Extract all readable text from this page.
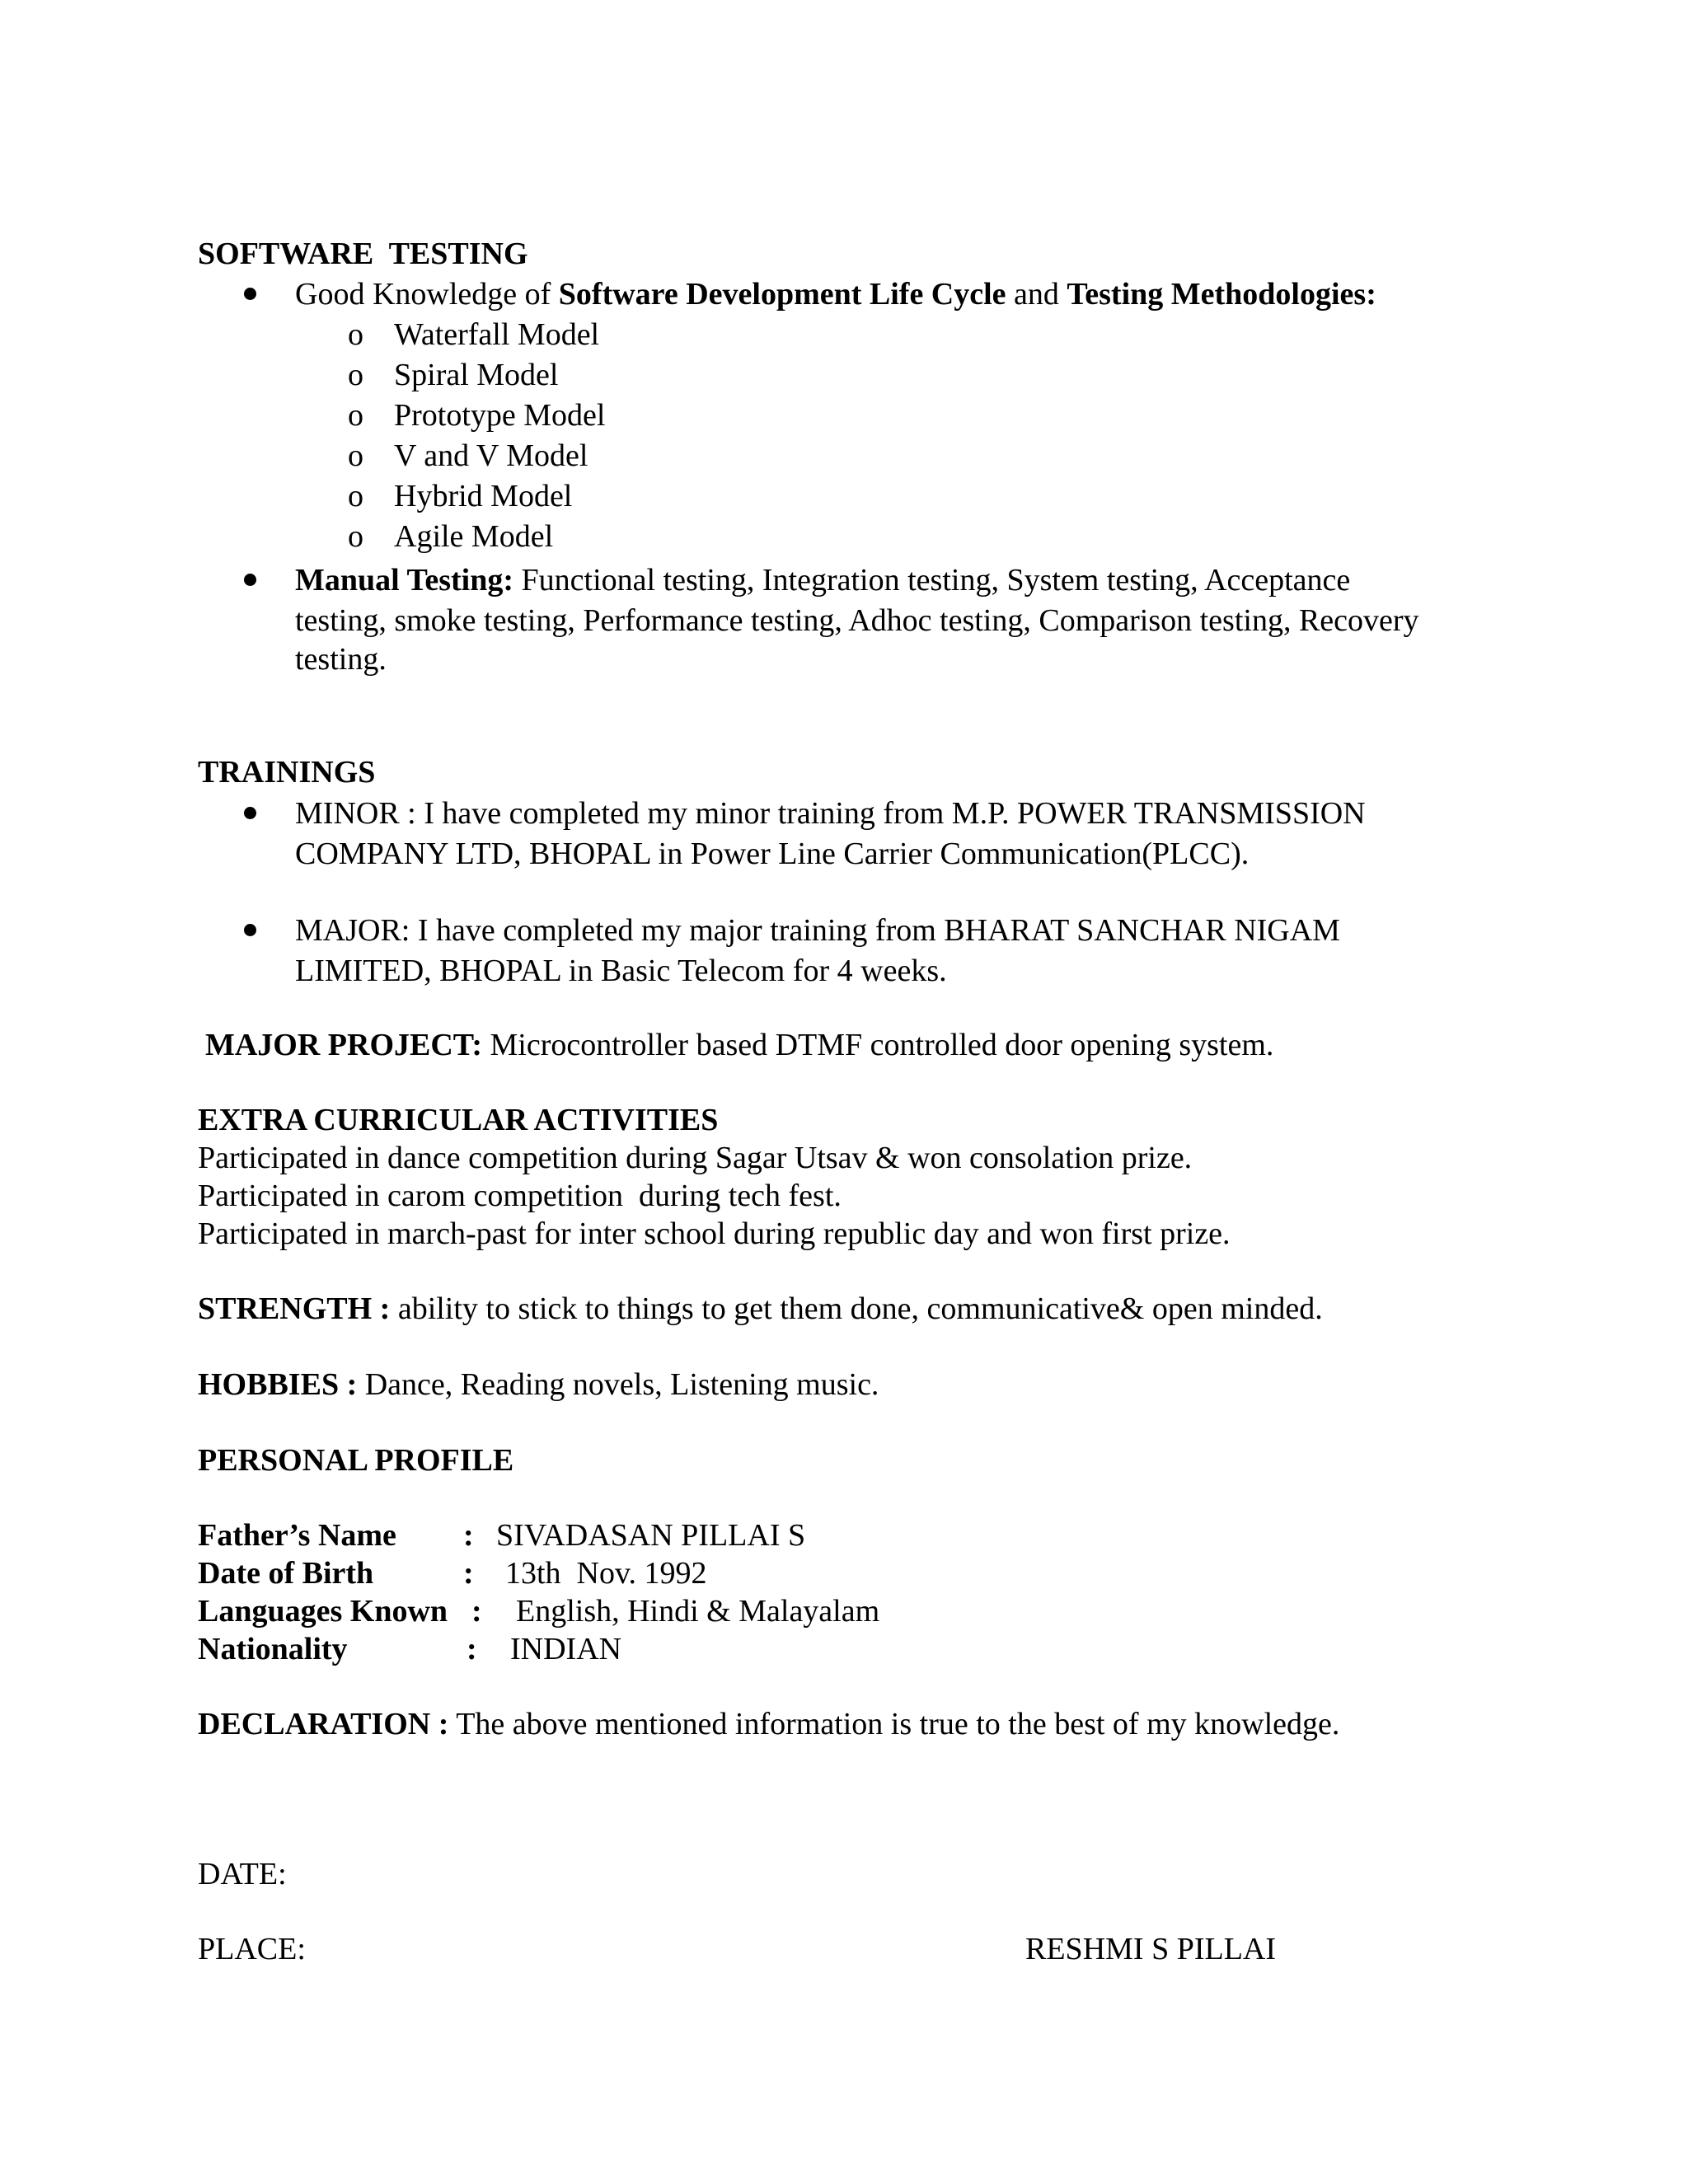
SOFTWARE  TESTING
Good Knowledge of Software Development Life Cycle and Testing Methodologies:
o Waterfall Model
o Spiral Model
o Prototype Model
o V and V Model
o Hybrid Model
o Agile Model
Manual Testing: Functional testing, Integration testing, System testing, Acceptance
testing, smoke testing, Performance testing, Adhoc testing, Comparison testing, Recovery
testing.
TRAININGS
MINOR : I have completed my minor training from M.P. POWER TRANSMISSION
COMPANY LTD, BHOPAL in Power Line Carrier Communication(PLCC).
MAJOR: I have completed my major training from BHARAT SANCHAR NIGAM
LIMITED, BHOPAL in Basic Telecom for 4 weeks.
MAJOR PROJECT: Microcontroller based DTMF controlled door opening system.
EXTRA CURRICULAR ACTIVITIES
Participated in dance competition during Sagar Utsav & won consolation prize.
Participated in carom competition  during tech fest.
Participated in march-past for inter school during republic day and won first prize.
STRENGTH : ability to stick to things to get them done, communicative& open minded.
HOBBIES : Dance, Reading novels, Listening music.
PERSONAL PROFILE
Father’s Name : SIVADASAN PILLAI S
Date of Birth	: 13th  Nov. 1992
Languages Known : English, Hindi & Malayalam
Nationality	: INDIAN
DECLARATION : The above mentioned information is true to the best of my knowledge.
DATE:
PLACE:	RESHMI S PILLAI
